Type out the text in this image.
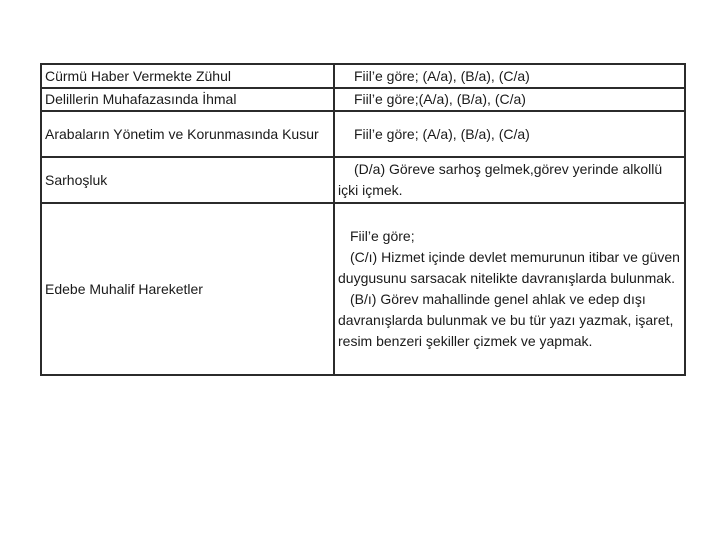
Cürmü Haber Vermekte Zühul	Fiil’e göre; (A/a), (B/a), (C/a)
Delillerin Muhafazasında İhmal	Fiil’e göre;(A/a), (B/a), (C/a)
Arabaların Yönetim ve Korunmasında Kusur	Fiil’e göre; (A/a), (B/a), (C/a)
Sarhoşluk	(D/a) Göreve sarhoş gelmek,görev yerinde alkollü içki içmek.
Edebe Muhalif Hareketler	Fiil’e göre;
(C/ı) Hizmet içinde devlet memurunun itibar ve güven duygusunu sarsacak nitelikte davranışlarda bulunmak.
(B/ı) Görev mahallinde genel ahlak ve edep dışı davranışlarda bulunmak ve bu tür yazı yazmak, işaret, resim benzeri şekiller çizmek ve yapmak.
